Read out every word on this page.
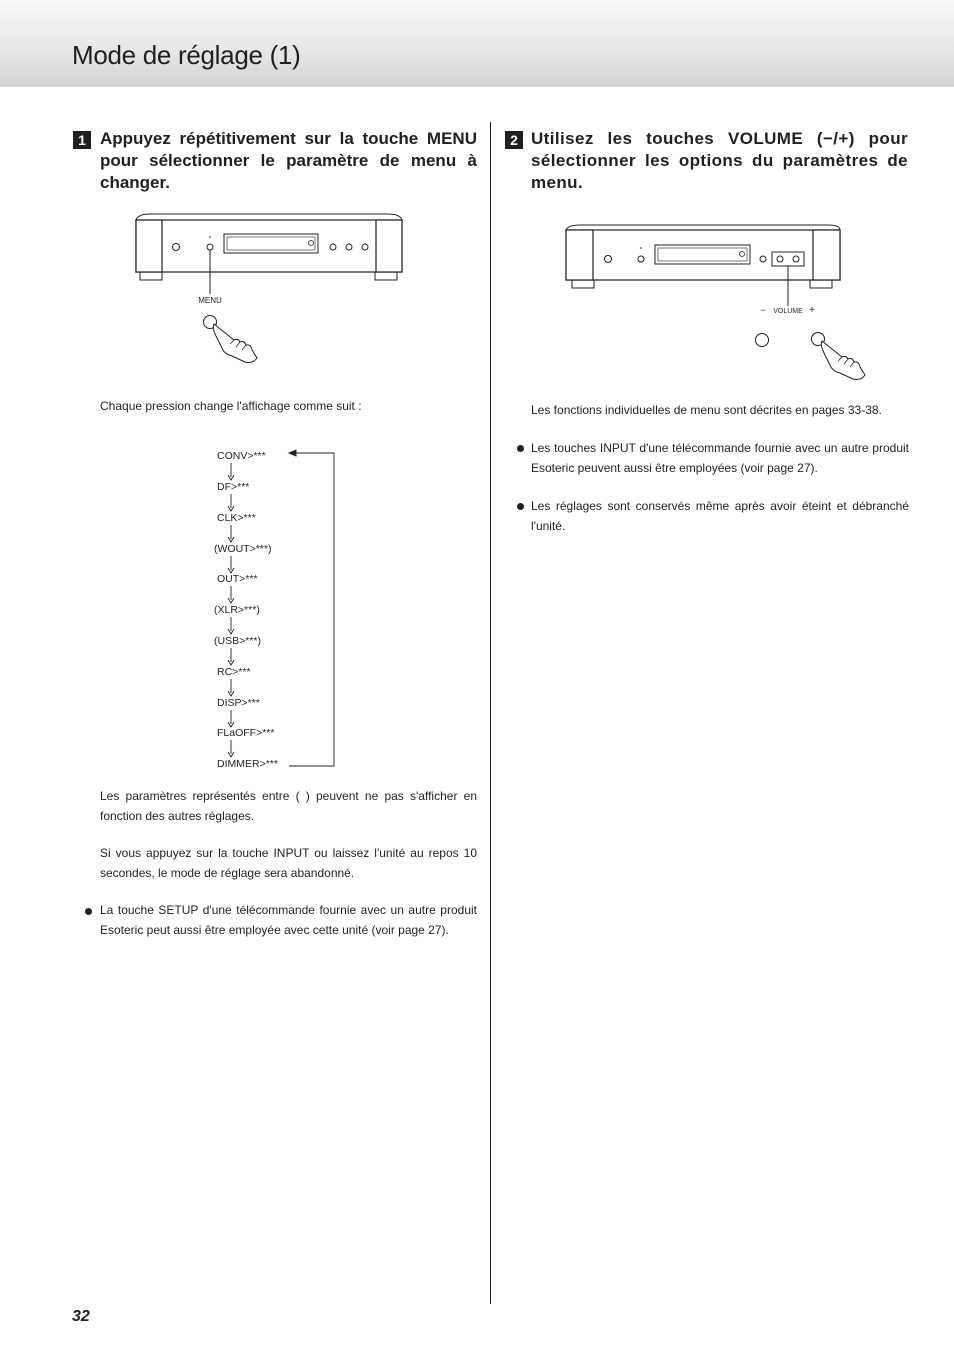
Mode de réglage (1)
1 Appuyez répétitivement sur la touche MENU pour sélectionner le paramètre de menu à changer.
MENU
Chaque pression change l'affichage comme suit :
CONV>***
DF>***
CLK>***
(WOUT>***)
OUT>***
(XLR>***)
(USB>***)
RC>***
DISP>***
FLaOFF>***
DIMMER>***
Les paramètres représentés entre ( ) peuvent ne pas s'afficher en fonction des autres réglages.
Si vous appuyez sur la touche INPUT ou laissez l'unité au repos 10 secondes, le mode de réglage sera abandonné.
La touche SETUP d'une télécommande fournie avec un autre produit Esoteric peut aussi être employée avec cette unité (voir page 27).
2 Utilisez les touches VOLUME (−/+) pour sélectionner les options du paramètres de menu.
− VOLUME +
Les fonctions individuelles de menu sont décrites en pages 33-38.
Les touches INPUT d'une télécommande fournie avec un autre produit Esoteric peuvent aussi être employées (voir page 27).
Les réglages sont conservés même après avoir éteint et débranché l'unité.
32
